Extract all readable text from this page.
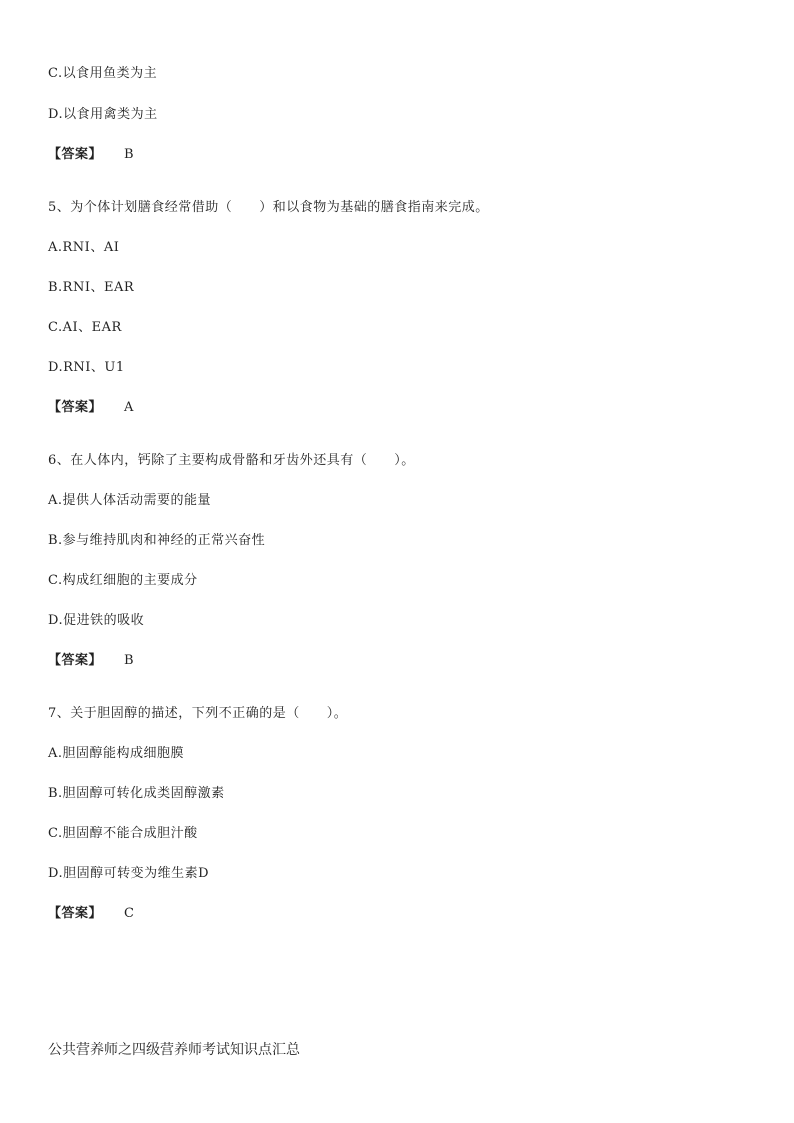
C.以食用鱼类为主
D.以食用禽类为主
【答案】 B
5、为个体计划膳食经常借助（　　）和以食物为基础的膳食指南来完成。
A.RNI、AI
B.RNI、EAR
C.AI、EAR
D.RNI、U1
【答案】 A
6、在人体内，钙除了主要构成骨骼和牙齿外还具有（　　）。
A.提供人体活动需要的能量
B.参与维持肌肉和神经的正常兴奋性
C.构成红细胞的主要成分
D.促进铁的吸收
【答案】 B
7、关于胆固醇的描述，下列不正确的是（　　）。
A.胆固醇能构成细胞膜
B.胆固醇可转化成类固醇激素
C.胆固醇不能合成胆汁酸
D.胆固醇可转变为维生素D
【答案】 C
公共营养师之四级营养师考试知识点汇总
